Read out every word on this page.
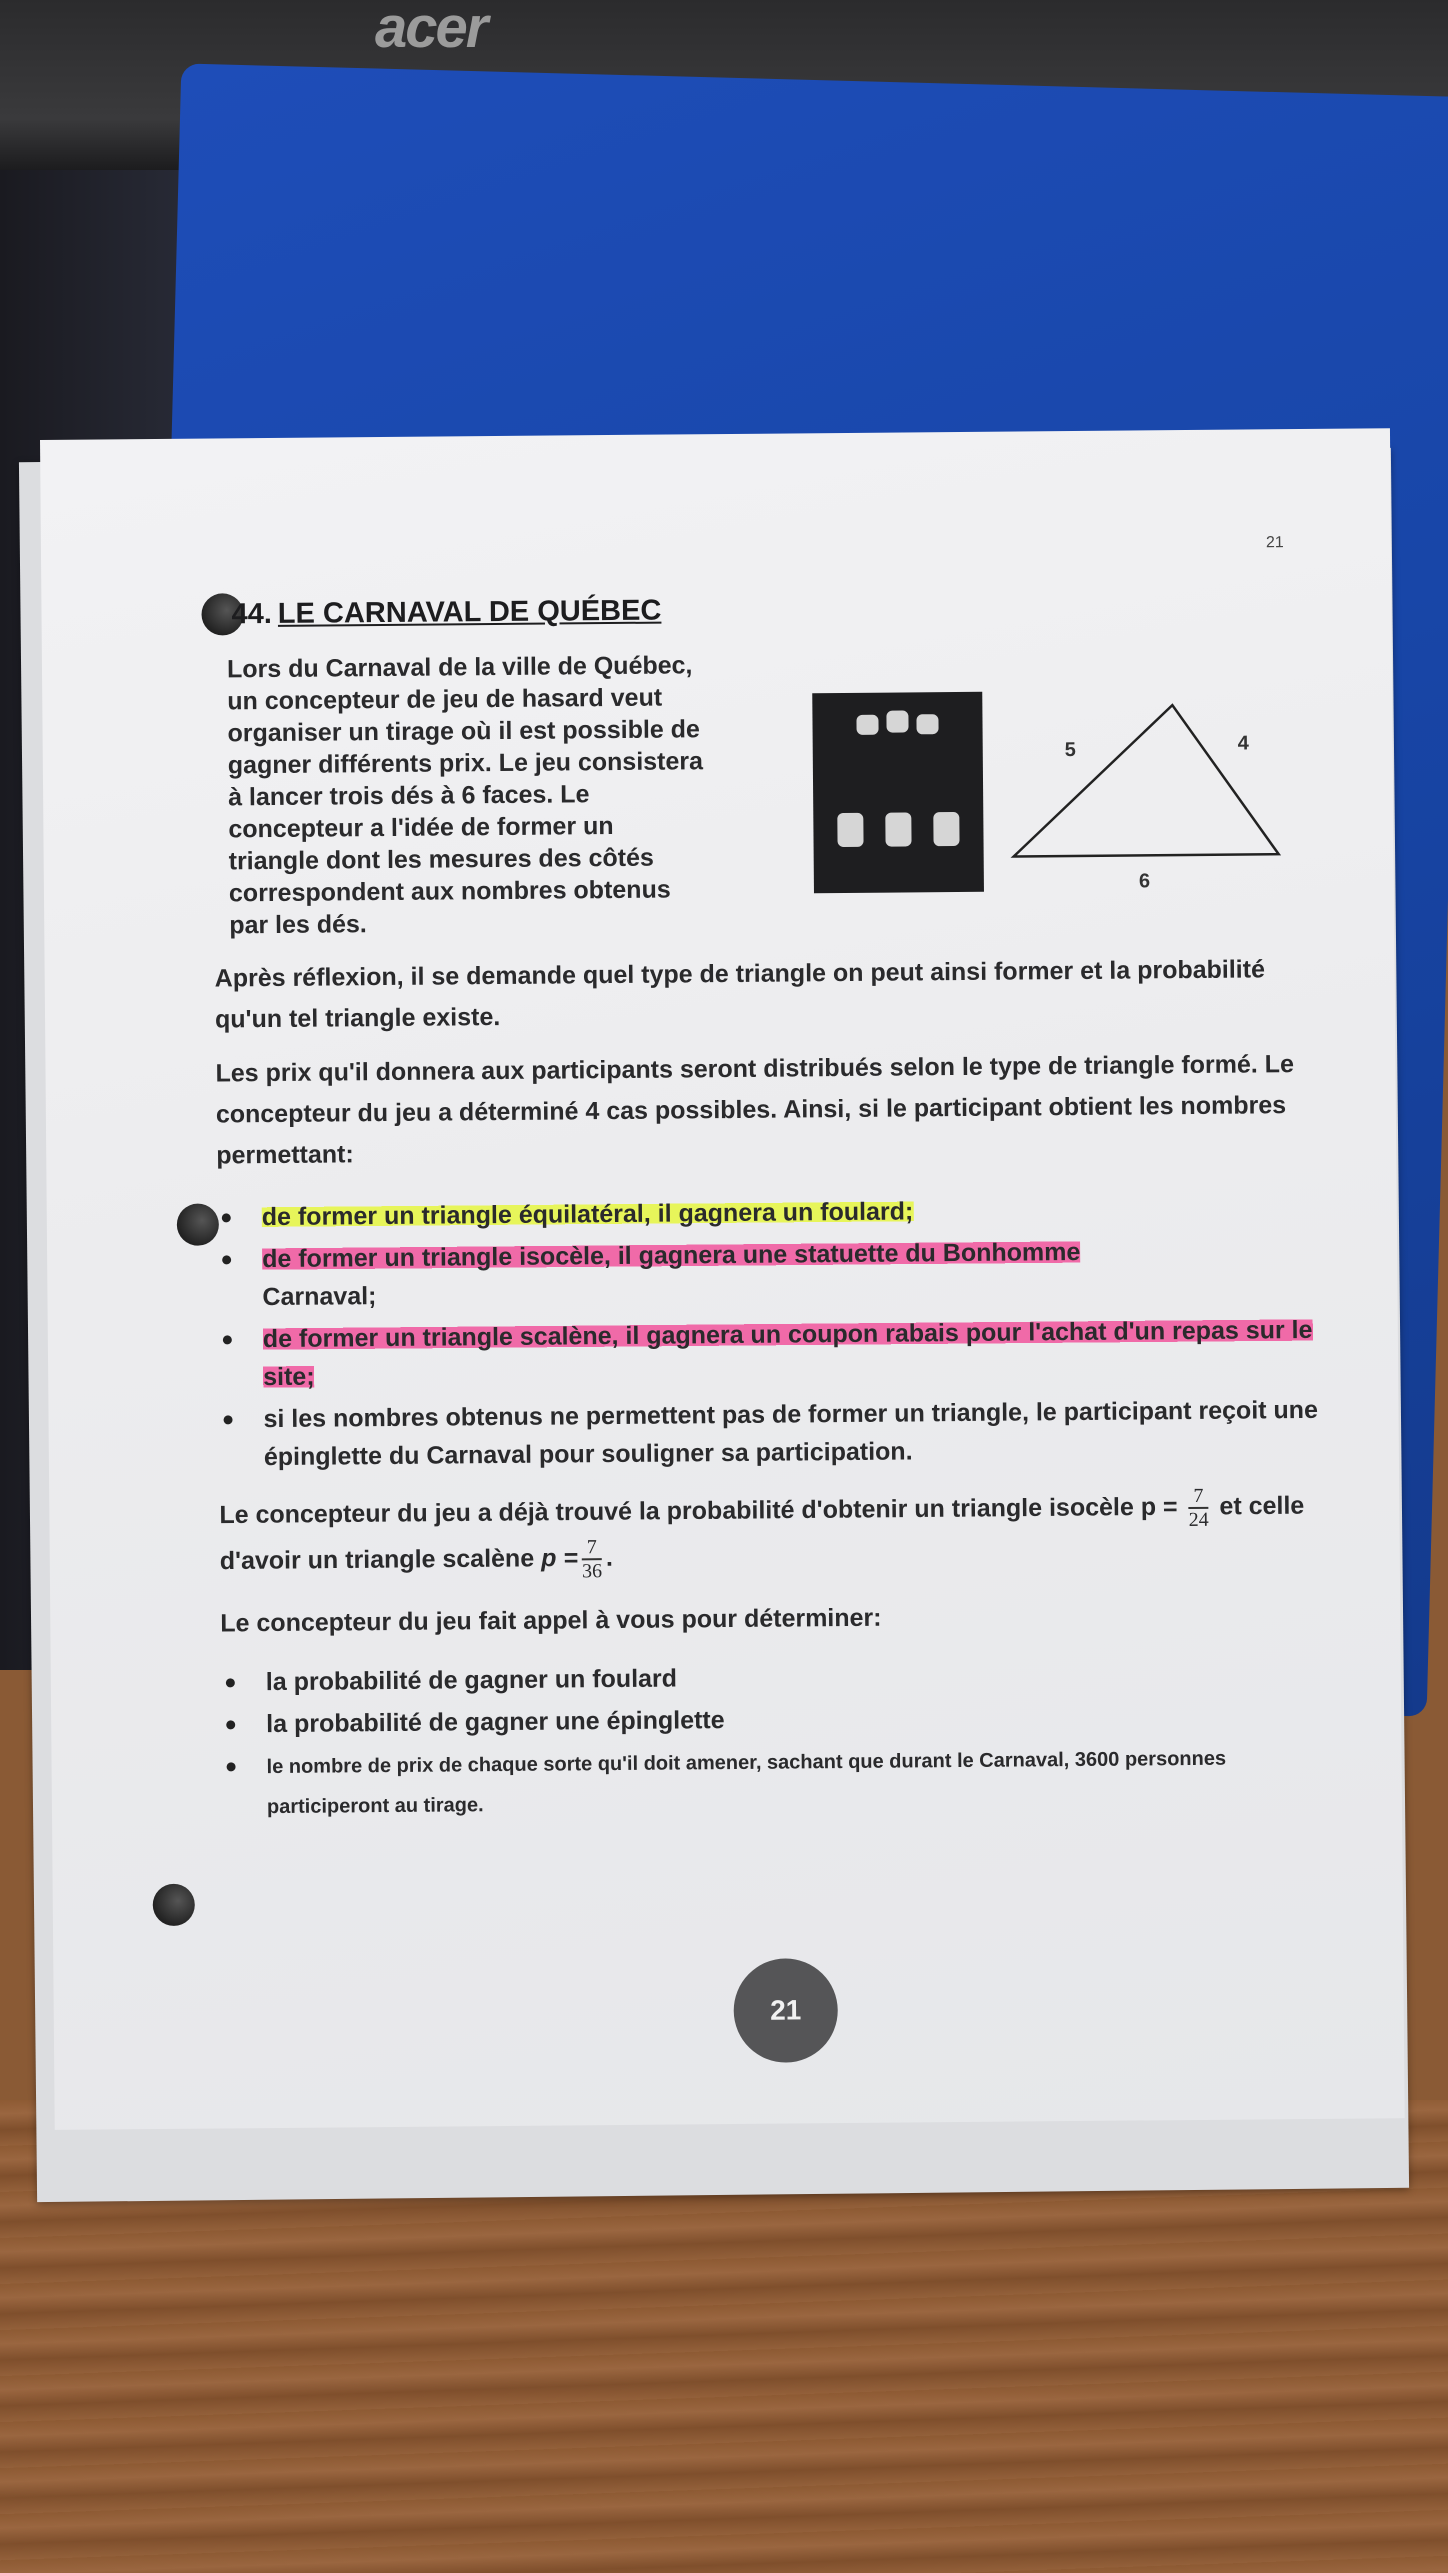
acer
21
44. LE CARNAVAL DE QUÉBEC
Lors du Carnaval de la ville de Québec,
un concepteur de jeu de hasard veut
organiser un tirage où il est possible de
gagner différents prix. Le jeu consistera
à lancer trois dés à 6 faces. Le
concepteur a l'idée de former un
triangle dont les mesures des côtés
correspondent aux nombres obtenus
par les dés.
5	4
6
Après réflexion, il se demande quel type de triangle on peut ainsi former et la probabilité qu'un tel triangle existe.
Les prix qu'il donnera aux participants seront distribués selon le type de triangle formé. Le concepteur du jeu a déterminé 4 cas possibles. Ainsi, si le participant obtient les nombres permettant:
de former un triangle équilatéral, il gagnera un foulard;
de former un triangle isocèle, il gagnera une statuette du Bonhomme
Carnaval;
de former un triangle scalène, il gagnera un coupon rabais pour l'achat d'un repas sur le site;
si les nombres obtenus ne permettent pas de former un triangle, le participant reçoit une épinglette du Carnaval pour souligner sa participation.
Le concepteur du jeu a déjà trouvé la probabilité d'obtenir un triangle isocèle $p = \frac{7}{24}$ et celle d'avoir un triangle scalène $p = \frac{7}{36}$ .
Le concepteur du jeu fait appel à vous pour déterminer:
la probabilité de gagner un foulard
la probabilité de gagner une épinglette
le nombre de prix de chaque sorte qu'il doit amener, sachant que durant le Carnaval, 3600 personnes participeront au tirage.
21
